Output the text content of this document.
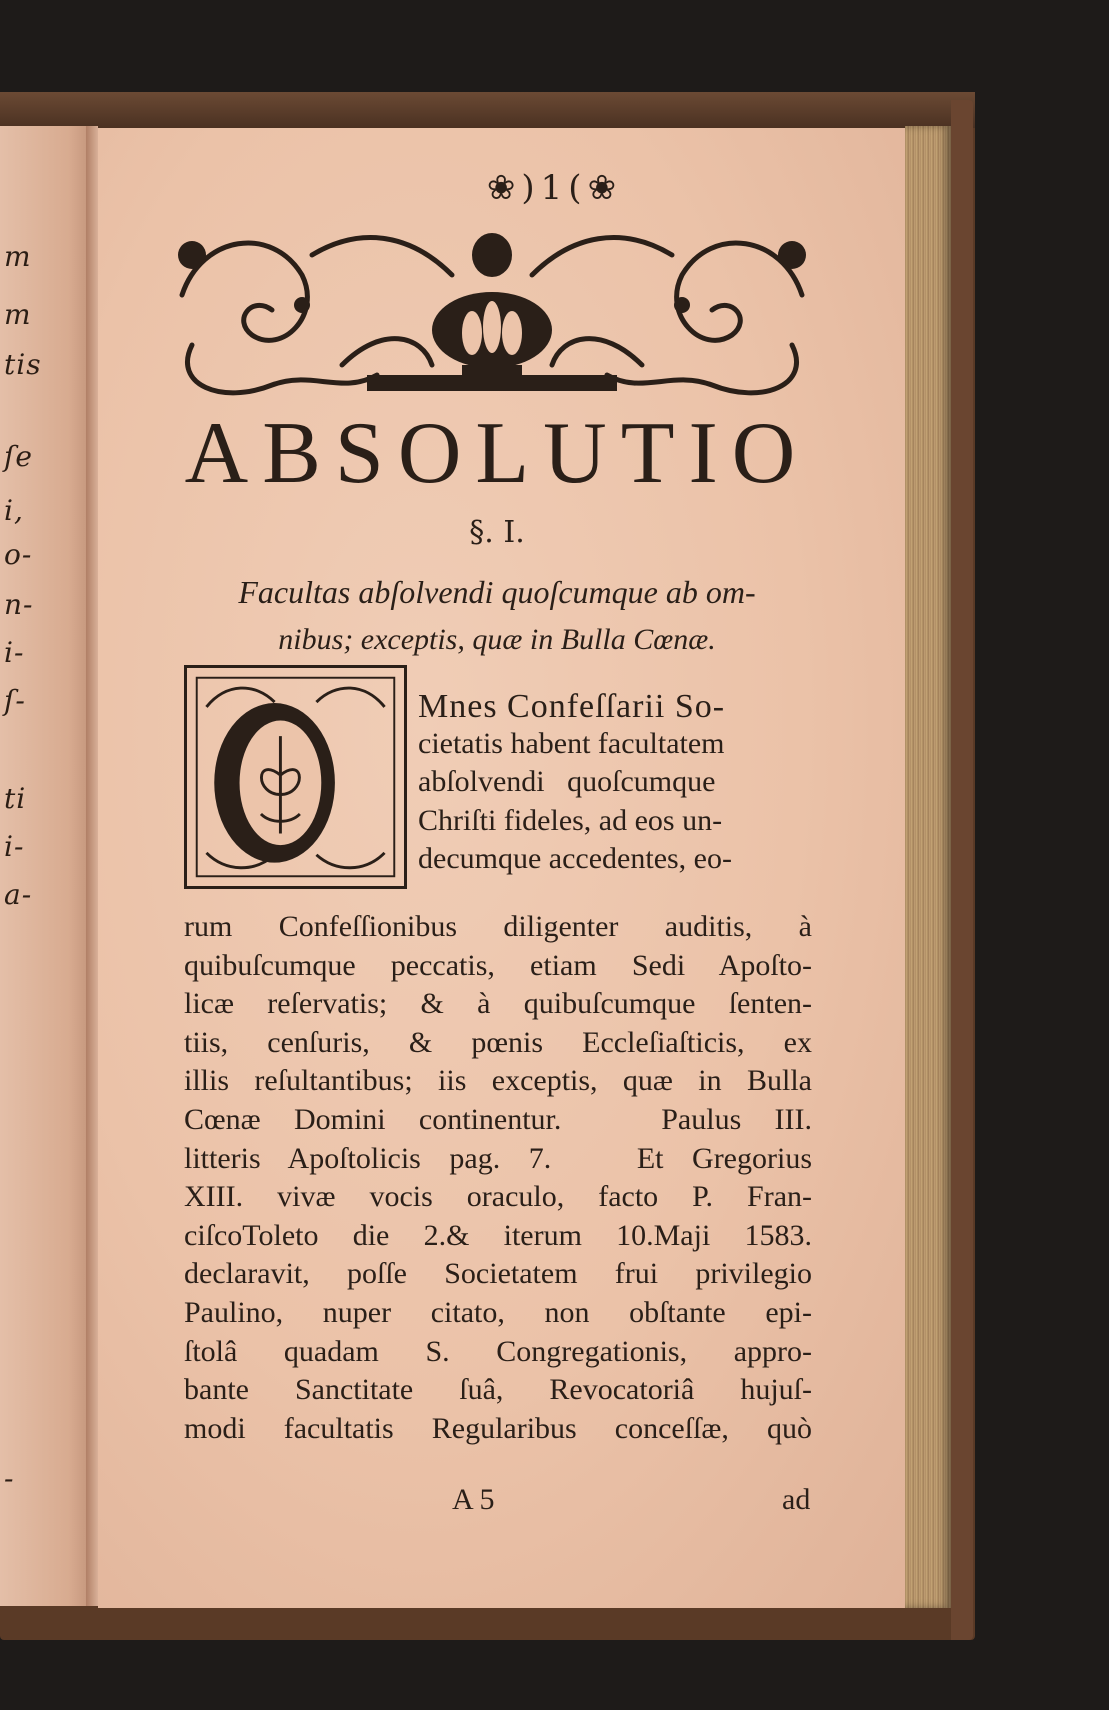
m
m
tis
ſe
i,
o-
n-
i-
ſ-
ti
i-
a-
-
❀)1(❀
ABSOLUTIO
§. I.
Facultas abſolvendi quoſcumque ab om-
nibus; exceptis, quæ in Bulla Cœnæ.
Mnes Confeſſarii So-
cietatis habent facultatem
abſolvendi   quoſcumque
Chriſti fideles, ad eos un-
decumque accedentes, eo-
rum Confeſſionibus diligenter auditis, à
quibuſcumque peccatis, etiam Sedi Apoſto-
licæ reſervatis; & à quibuſcumque ſenten-
tiis, cenſuris, & pœnis Eccleſiaſticis, ex
illis reſultantibus; iis exceptis, quæ in Bulla
Cœnæ Domini continentur.   Paulus III.
litteris Apoſtolicis pag. 7.   Et Gregorius
XIII. vivæ vocis oraculo, facto P. Fran-
ciſcoToleto die 2.& iterum 10.Maji 1583.
declaravit, poſſe Societatem frui privilegio
Paulino, nuper citato, non obſtante epi-
ſtolâ quadam S. Congregationis, appro-
bante Sanctitate ſuâ, Revocatoriâ hujuſ-
modi facultatis Regularibus conceſſæ, quò
A 5	ad
